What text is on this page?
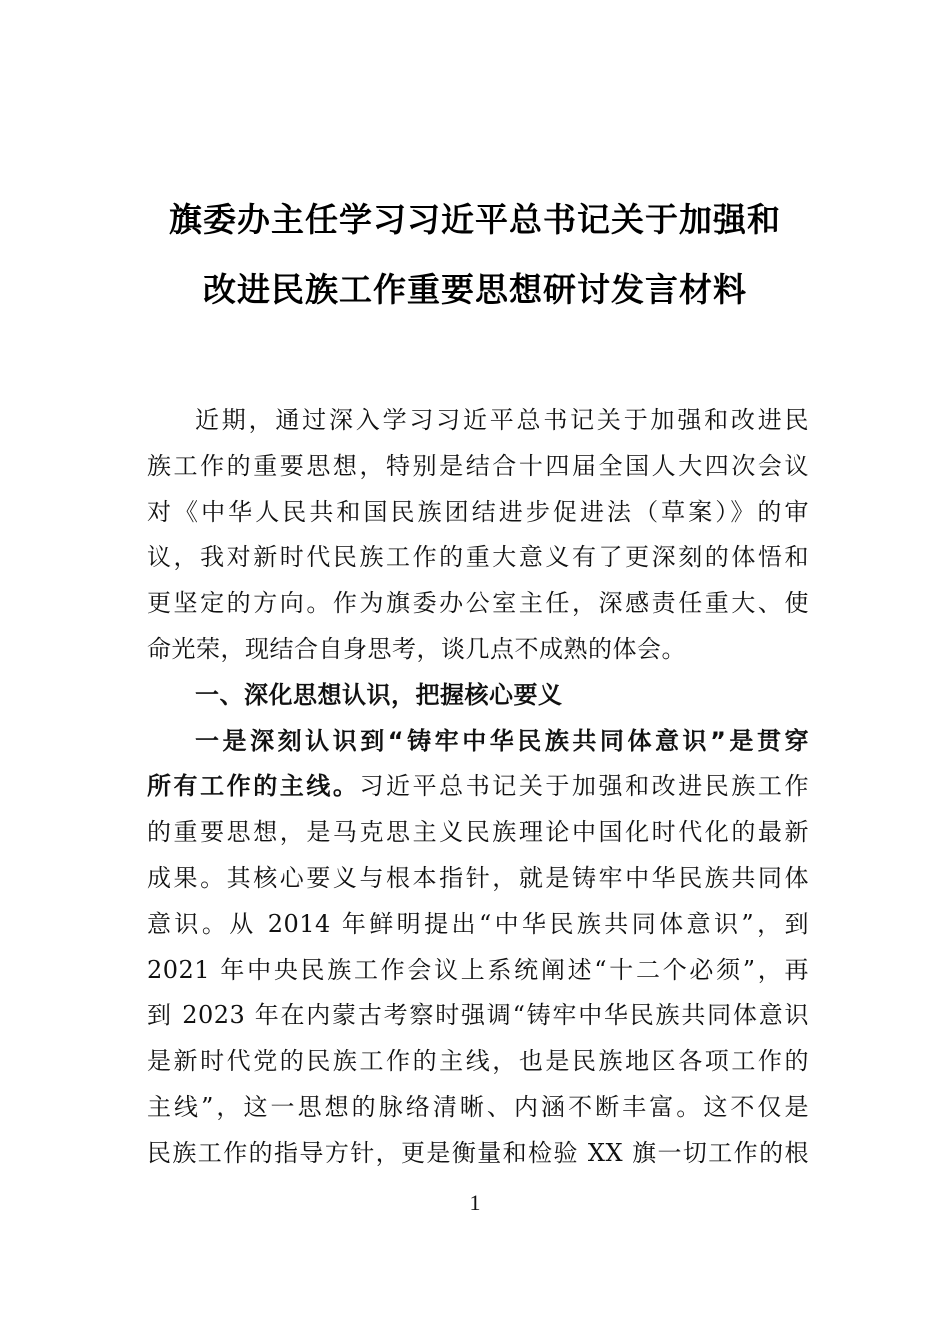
旗委办主任学习习近平总书记关于加强和
改进民族工作重要思想研讨发言材料
近期，通过深入学习习近平总书记关于加强和改进民
族工作的重要思想，特别是结合十四届全国人大四次会议
对《中华人民共和国民族团结进步促进法（草案）》的审
议，我对新时代民族工作的重大意义有了更深刻的体悟和
更坚定的方向。作为旗委办公室主任，深感责任重大、使
命光荣，现结合自身思考，谈几点不成熟的体会。
一、深化思想认识，把握核心要义
一是深刻认识到“铸牢中华民族共同体意识”是贯穿
所有工作的主线。习近平总书记关于加强和改进民族工作
的重要思想，是马克思主义民族理论中国化时代化的最新
成果。其核心要义与根本指针，就是铸牢中华民族共同体
意识。从 2014 年鲜明提出“中华民族共同体意识”，到
2021 年中央民族工作会议上系统阐述“十二个必须”，再
到 2023 年在内蒙古考察时强调“铸牢中华民族共同体意识
是新时代党的民族工作的主线，也是民族地区各项工作的
主线”，这一思想的脉络清晰、内涵不断丰富。这不仅是
民族工作的指导方针，更是衡量和检验 XX 旗一切工作的根
1
